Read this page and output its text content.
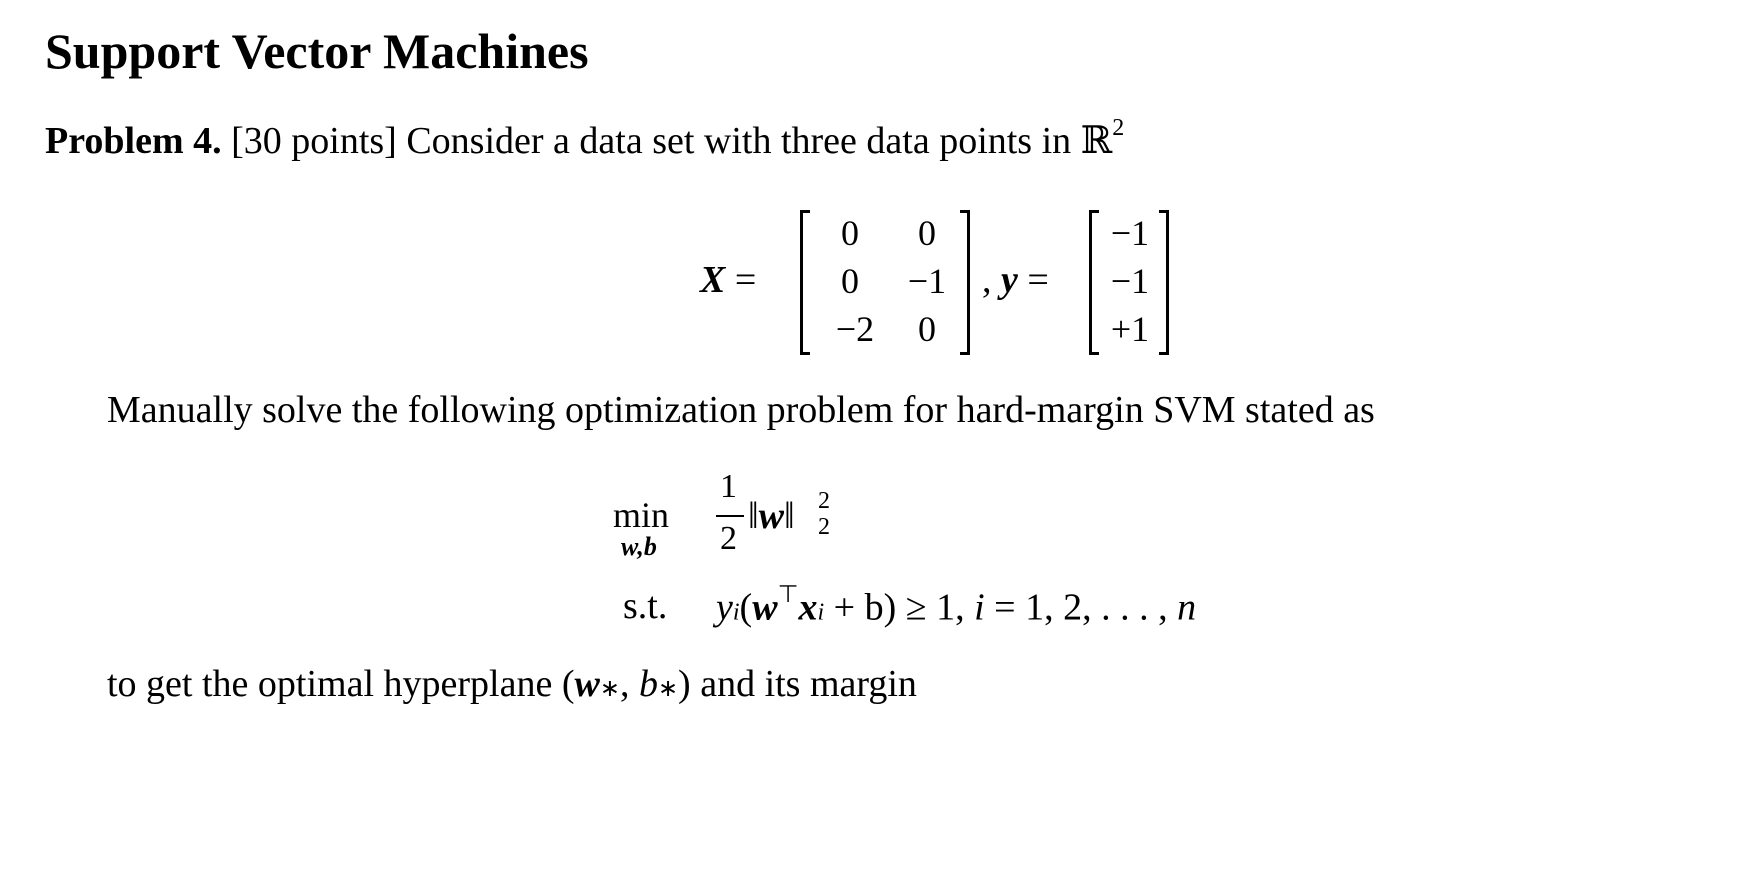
Support Vector Machines
Problem 4. [30 points] Consider a data set with three data points in ℝ$^2$
X =
0	0
0	−1
−2	0
, y =
−1
−1
+1
Manually solve the following optimization problem for hard-margin SVM stated as
min
w,b
1
2
‖w‖ 2
2
s.t. yi(w⊤xi + b) ≥ 1, i = 1, 2, . . . , n
to get the optimal hyperplane (w∗, b∗) and its margin
